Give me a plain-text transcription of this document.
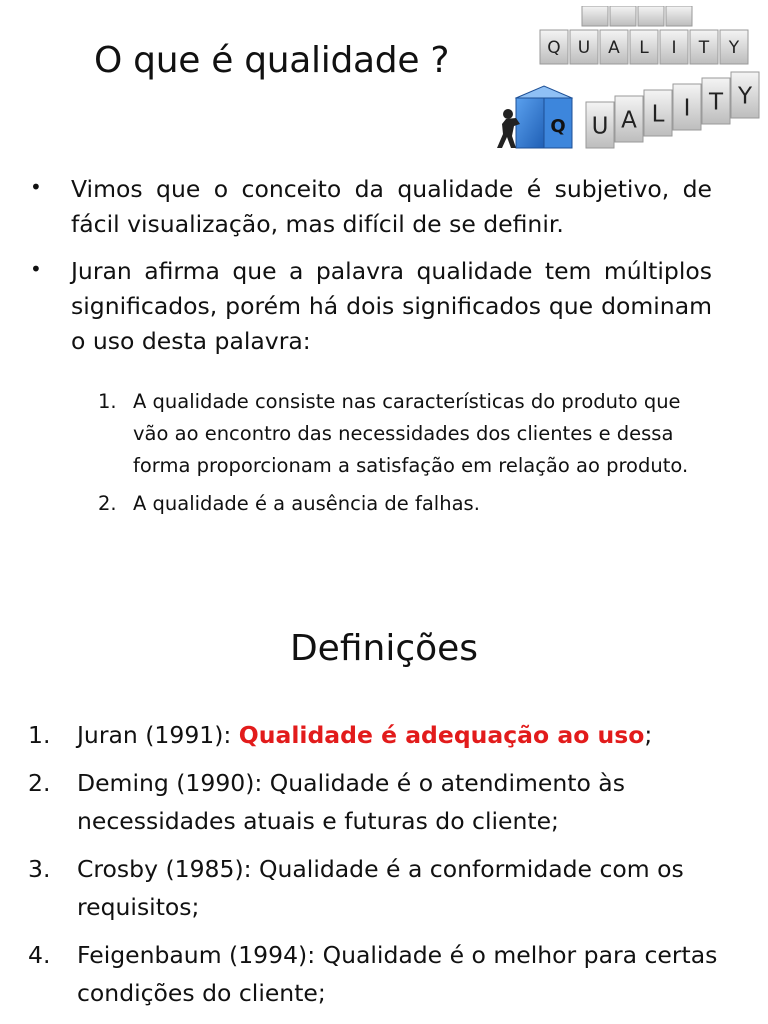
O que é qualidade ?	Q U A L I T Y
U A L I T Y
Q
•	Vimos que o conceito da qualidade é subjetivo, de fácil visualização, mas difícil de se definir.
•	Juran afirma que a palavra qualidade tem múltiplos significados, porém há dois significados que dominam o uso desta palavra:
1. A qualidade consiste nas características do produto que vão ao encontro das necessidades dos clientes e dessa forma proporcionam a satisfação em relação ao produto.
2. A qualidade é a ausência de falhas.
Definições
1.	Juran (1991): Qualidade é adequação ao uso;
2.	Deming (1990): Qualidade é o atendimento às necessidades atuais e futuras do cliente;
3.	Crosby (1985): Qualidade é a conformidade com os requisitos;
4.	Feigenbaum (1994): Qualidade é o melhor para certas condições do cliente;
